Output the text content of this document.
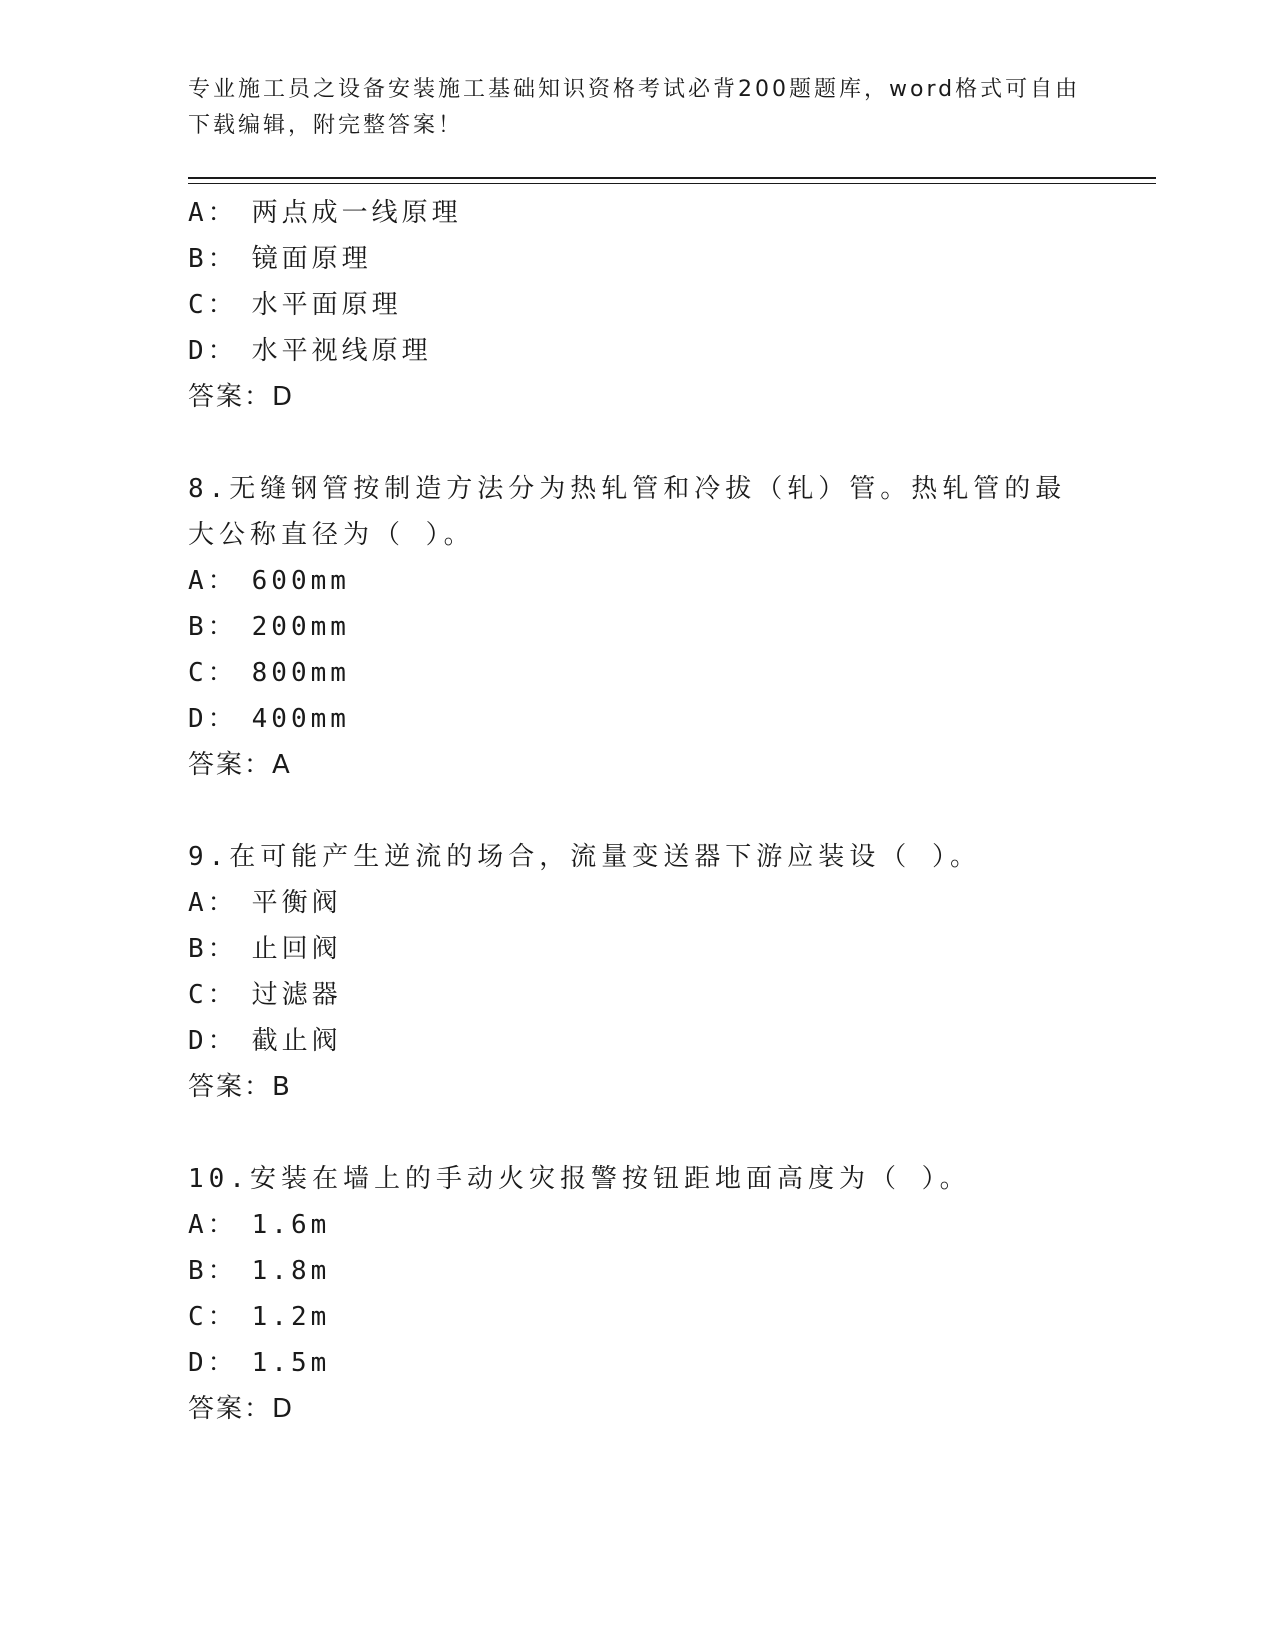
专业施工员之设备安装施工基础知识资格考试必背200题题库，word格式可自由
下载编辑，附完整答案！
A： 两点成一线原理
B： 镜面原理
C： 水平面原理
D： 水平视线原理
答案：D
8.无缝钢管按制造方法分为热轧管和冷拔（轧）管。热轧管的最大公称直径为（ ）。
A： 600mm
B： 200mm
C： 800mm
D： 400mm
答案：A
9.在可能产生逆流的场合，流量变送器下游应装设（ ）。
A： 平衡阀
B： 止回阀
C： 过滤器
D： 截止阀
答案：B
10.安装在墙上的手动火灾报警按钮距地面高度为（ ）。
A： 1.6m
B： 1.8m
C： 1.2m
D： 1.5m
答案：D
